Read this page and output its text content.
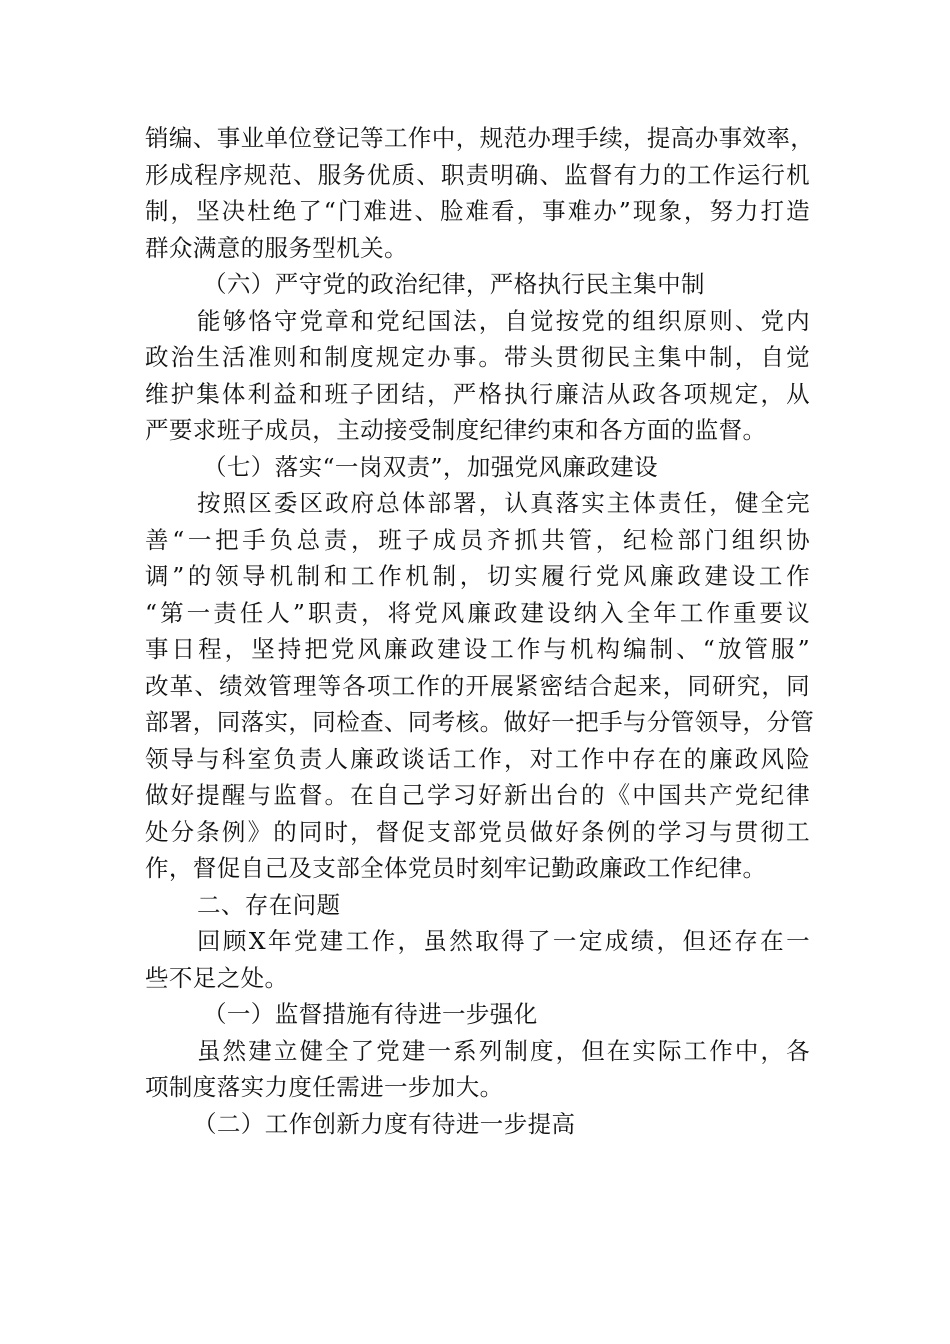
销编、事业单位登记等工作中，规范办理手续，提高办事效率，
形成程序规范、服务优质、职责明确、监督有力的工作运行机
制，坚决杜绝了“门难进、脸难看，事难办”现象，努力打造
群众满意的服务型机关。
（六）严守党的政治纪律，严格执行民主集中制
能够恪守党章和党纪国法，自觉按党的组织原则、党内
政治生活准则和制度规定办事。带头贯彻民主集中制，自觉
维护集体利益和班子团结，严格执行廉洁从政各项规定，从
严要求班子成员，主动接受制度纪律约束和各方面的监督。
（七）落实“一岗双责”，加强党风廉政建设
按照区委区政府总体部署，认真落实主体责任，健全完
善“一把手负总责，班子成员齐抓共管，纪检部门组织协
调”的领导机制和工作机制，切实履行党风廉政建设工作
“第一责任人”职责，将党风廉政建设纳入全年工作重要议
事日程，坚持把党风廉政建设工作与机构编制、“放管服”
改革、绩效管理等各项工作的开展紧密结合起来，同研究，同
部署，同落实，同检查、同考核。做好一把手与分管领导，分管
领导与科室负责人廉政谈话工作，对工作中存在的廉政风险
做好提醒与监督。在自己学习好新出台的《中国共产党纪律
处分条例》的同时，督促支部党员做好条例的学习与贯彻工
作，督促自己及支部全体党员时刻牢记勤政廉政工作纪律。
二、存在问题
回顾X年党建工作，虽然取得了一定成绩，但还存在一
些不足之处。
（一）监督措施有待进一步强化
虽然建立健全了党建一系列制度，但在实际工作中，各
项制度落实力度任需进一步加大。
（二）工作创新力度有待进一步提高
